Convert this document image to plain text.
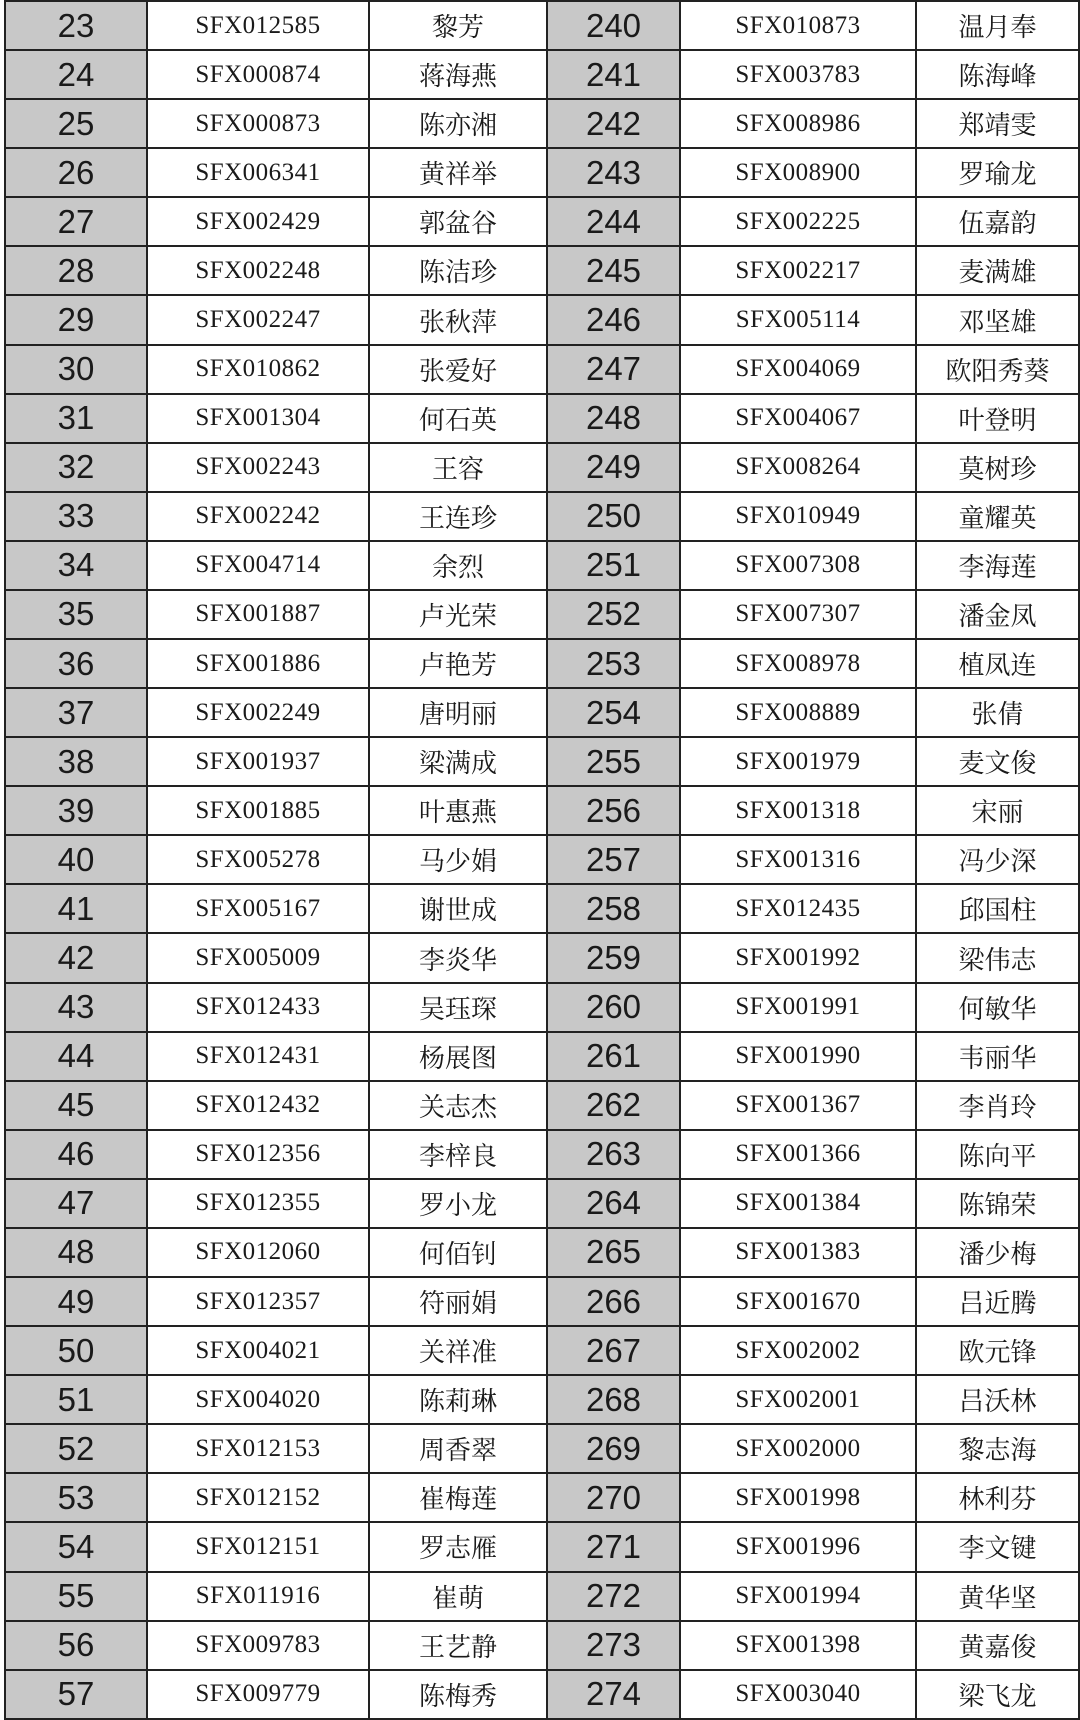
23	SFX012585	黎芳	240	SFX010873	温月奉
24	SFX000874	蒋海燕	241	SFX003783	陈海峰
25	SFX000873	陈亦湘	242	SFX008986	郑靖雯
26	SFX006341	黄祥举	243	SFX008900	罗瑜龙
27	SFX002429	郭盆谷	244	SFX002225	伍嘉韵
28	SFX002248	陈洁珍	245	SFX002217	麦满雄
29	SFX002247	张秋萍	246	SFX005114	邓坚雄
30	SFX010862	张爱好	247	SFX004069	欧阳秀葵
31	SFX001304	何石英	248	SFX004067	叶登明
32	SFX002243	王容	249	SFX008264	莫树珍
33	SFX002242	王连珍	250	SFX010949	童耀英
34	SFX004714	余烈	251	SFX007308	李海莲
35	SFX001887	卢光荣	252	SFX007307	潘金凤
36	SFX001886	卢艳芳	253	SFX008978	植凤连
37	SFX002249	唐明丽	254	SFX008889	张倩
38	SFX001937	梁满成	255	SFX001979	麦文俊
39	SFX001885	叶惠燕	256	SFX001318	宋丽
40	SFX005278	马少娟	257	SFX001316	冯少深
41	SFX005167	谢世成	258	SFX012435	邱国柱
42	SFX005009	李炎华	259	SFX001992	梁伟志
43	SFX012433	吴珏琛	260	SFX001991	何敏华
44	SFX012431	杨展图	261	SFX001990	韦丽华
45	SFX012432	关志杰	262	SFX001367	李肖玲
46	SFX012356	李梓良	263	SFX001366	陈向平
47	SFX012355	罗小龙	264	SFX001384	陈锦荣
48	SFX012060	何佰钊	265	SFX001383	潘少梅
49	SFX012357	符丽娟	266	SFX001670	吕近腾
50	SFX004021	关祥准	267	SFX002002	欧元锋
51	SFX004020	陈莉琳	268	SFX002001	吕沃林
52	SFX012153	周香翠	269	SFX002000	黎志海
53	SFX012152	崔梅莲	270	SFX001998	林利芬
54	SFX012151	罗志雁	271	SFX001996	李文键
55	SFX011916	崔萌	272	SFX001994	黄华坚
56	SFX009783	王艺静	273	SFX001398	黄嘉俊
57	SFX009779	陈梅秀	274	SFX003040	梁飞龙
